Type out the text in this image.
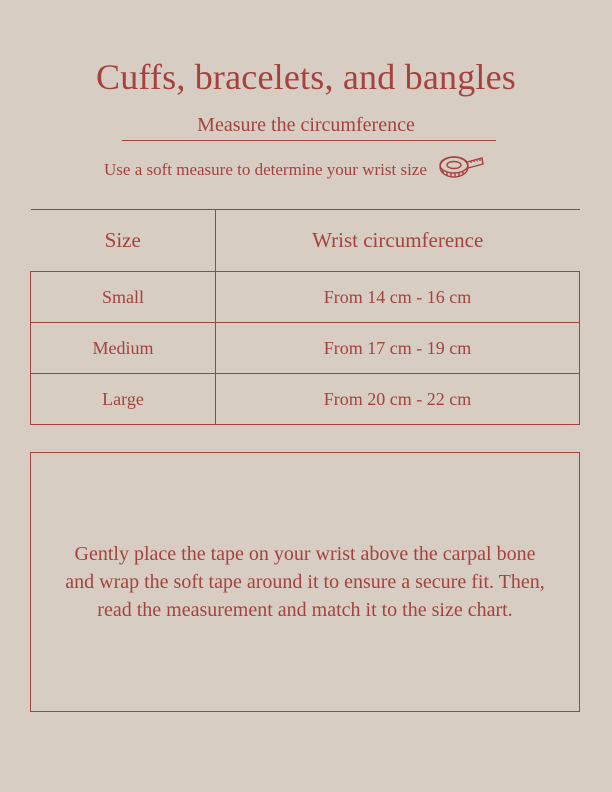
Cuffs, bracelets, and bangles
Measure the circumference
Use a soft measure to determine your wrist size
Size	Wrist circumference
Small	From 14 cm - 16 cm
Medium	From 17 cm - 19 cm
Large	From 20 cm - 22 cm
Gently place the tape on your wrist above the carpal bone and wrap the soft tape around it to ensure a secure fit. Then, read the measurement and match it to the size chart.
